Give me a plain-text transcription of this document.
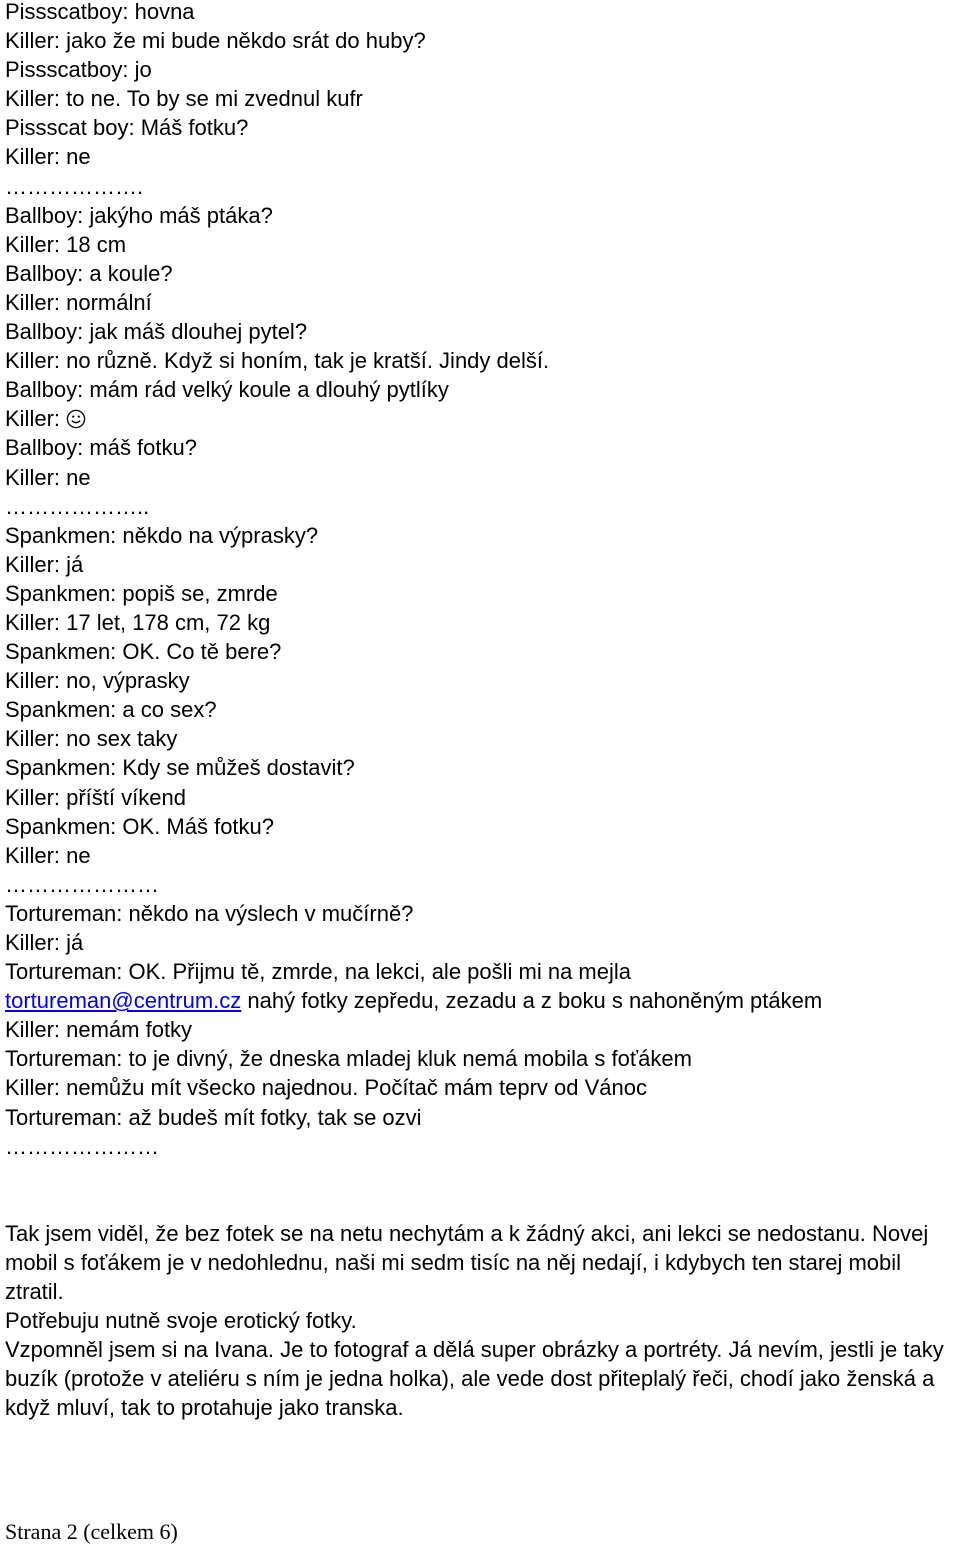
Pissscatboy: hovna
Killer: jako že mi bude někdo srát do huby?
Pissscatboy: jo
Killer: to ne. To by se mi zvednul kufr
Pissscat boy: Máš fotku?
Killer: ne
……………….
Ballboy: jakýho máš ptáka?
Killer: 18 cm
Ballboy: a koule?
Killer: normální
Ballboy: jak máš dlouhej pytel?
Killer: no různě. Když si honím, tak je kratší. Jindy delší.
Ballboy: mám rád velký koule a dlouhý pytlíky
Killer:
Ballboy: máš fotku?
Killer: ne
………………..
Spankmen: někdo na výprasky?
Killer: já
Spankmen: popiš se, zmrde
Killer: 17 let, 178 cm, 72 kg
Spankmen: OK. Co tě bere?
Killer: no, výprasky
Spankmen: a co sex?
Killer: no sex taky
Spankmen: Kdy se můžeš dostavit?
Killer: příští víkend
Spankmen: OK. Máš fotku?
Killer: ne
…………………
Tortureman: někdo na výslech v mučírně?
Killer: já
Tortureman: OK. Přijmu tě, zmrde, na lekci, ale pošli mi na mejla
tortureman@centrum.cz nahý fotky zepředu, zezadu a z boku s nahoněným ptákem
Killer: nemám fotky
Tortureman: to je divný, že dneska mladej kluk nemá mobila s foťákem
Killer: nemůžu mít všecko najednou. Počítač mám teprv od Vánoc
Tortureman: až budeš mít fotky, tak se ozvi
…………………

Tak jsem viděl, že bez fotek se na netu nechytám a k žádný akci, ani lekci se nedostanu. Novej mobil s foťákem je v nedohlednu, naši mi sedm tisíc na něj nedají, i kdybych ten starej mobil ztratil.

Potřebuju nutně svoje erotický fotky.

Vzpomněl jsem si na Ivana. Je to fotograf a dělá super obrázky a portréty. Já nevím, jestli je taky buzík (protože v ateliéru s ním je jedna holka), ale vede dost přiteplalý řeči, chodí jako ženská a když mluví, tak to protahuje jako transka.

Strana 2 (celkem 6)
